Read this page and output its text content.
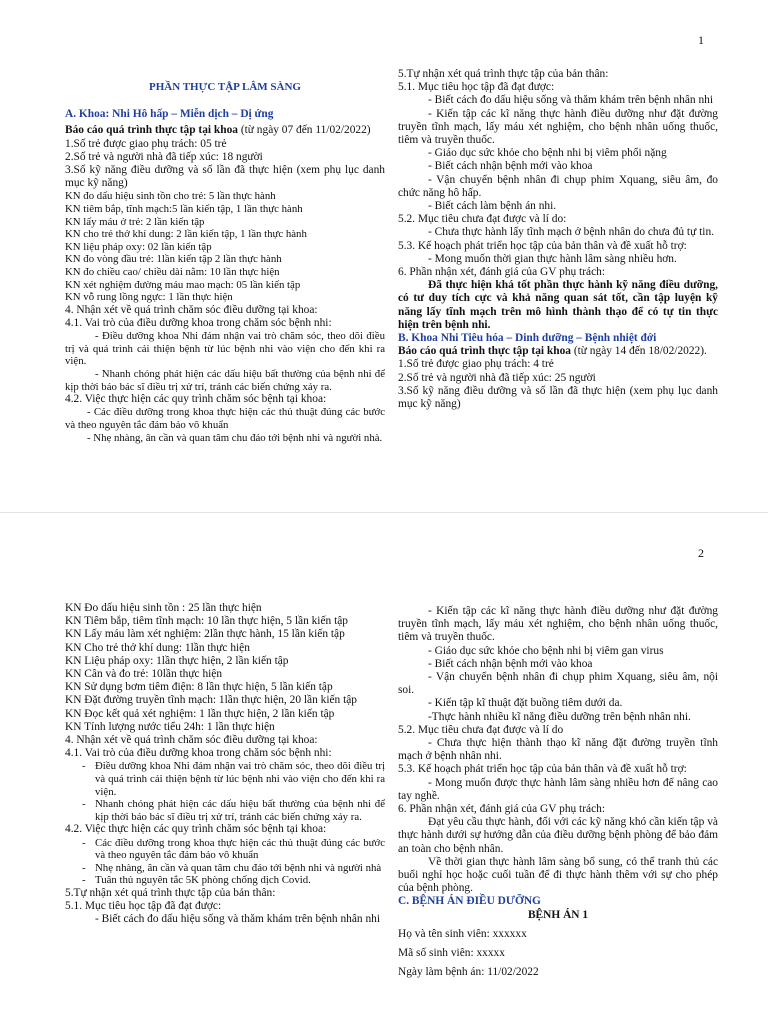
1

PHẦN THỰC TẬP LÂM SÀNG

A. Khoa: Nhi Hô hấp – Miễn dịch – Dị ứng

Báo cáo quá trình thực tập tại khoa (từ ngày 07 đến 11/02/2022)

1.Số trẻ được giao phụ trách: 05 trẻ

2.Số trẻ và người nhà đã tiếp xúc: 18 người

3.Số kỹ năng điều dưỡng và số lần đã thực hiện (xem phụ lục danh mục kỹ năng)

KN đo dấu hiệu sinh tồn cho trẻ: 5 lần thực hành

KN tiêm bắp, tĩnh mạch:5 lần kiến tập, 1 lần thực hành

KN lấy máu ở trẻ: 2 lần kiến tập

KN cho trẻ thở khí dung: 2 lần kiến tập, 1 lần thực hành

KN liệu pháp oxy: 02 lần kiến tập

KN đo vòng đầu trẻ: 1lần kiến tập 2 lần thực hành

KN đo chiều cao/ chiều dài nằm: 10 lần thực hiện

KN xét nghiệm đường máu mao mạch: 05 lần kiến tập

KN vỗ rung lồng ngực: 1 lần thực hiện

4. Nhận xét về quá trình chăm sóc điều dưỡng tại khoa:

4.1. Vai trò của điều dưỡng khoa trong chăm sóc bệnh nhi:

- Điều dưỡng khoa Nhi đảm nhận vai trò chăm sóc, theo dõi điều trị và quá trình cải thiện bệnh từ lúc bệnh nhi vào viện cho đến khi ra viện.

- Nhanh chóng phát hiện các dấu hiệu bất thường của bệnh nhi để kịp thời báo bác sĩ điều trị xử trí, tránh các biến chứng xảy ra.

4.2. Việc thực hiện các quy trình chăm sóc bệnh tại khoa:

- Các điều dưỡng trong khoa thực hiện các thủ thuật đúng các bước và theo nguyên tắc đảm bảo vô khuẩn

- Nhẹ nhàng, ân cần và quan tâm chu đáo tới bệnh nhi và người nhà.

5.Tự nhận xét quá trình thực tập của bản thân:

5.1. Mục tiêu học tập đã đạt được:

- Biết cách đo dấu hiệu sống và thăm khám trên bệnh nhân nhi

- Kiến tập các kĩ năng thực hành điều dưỡng như đặt đường truyền tĩnh mạch, lấy máu xét nghiệm, cho bệnh nhân uống thuốc, tiêm và truyền thuốc.

- Giáo dục sức khỏe cho bệnh nhi bị viêm phổi nặng

- Biết cách nhận bệnh mới vào khoa

- Vận chuyển bệnh nhân đi chụp phim Xquang, siêu âm, đo chức năng hô hấp.

- Biết cách làm bệnh án nhi.

5.2. Mục tiêu chưa đạt được và lí do:

- Chưa thực hành lấy tĩnh mạch ở bệnh nhân do chưa đủ tự tin.

5.3. Kế hoạch phát triển học tập của bản thân và đề xuất hỗ trợ:

- Mong muốn thời gian thực hành lâm sàng nhiều hơn.

6. Phần nhận xét, đánh giá của GV phụ trách:

Đã thực hiện khá tốt phần thực hành kỹ năng điều dưỡng, có tư duy tích cực và khả năng quan sát tốt, cần tập luyện kỹ năng lấy tĩnh mạch trên mô hình thành thạo để có tự tin thực hiện trên bệnh nhi.

B. Khoa Nhi Tiêu hóa – Dinh dưỡng – Bệnh nhiệt đới

Báo cáo quá trình thực tập tại khoa (từ ngày 14 đến 18/02/2022).

1.Số trẻ được giao phụ trách: 4 trẻ

2.Số trẻ và người nhà đã tiếp xúc: 25 người

3.Số kỹ năng điều dưỡng và số lần đã thực hiện (xem phụ lục danh mục kỹ năng)

2

KN Đo dấu hiệu sinh tồn : 25 lần thực hiện

KN Tiêm bắp, tiêm tĩnh mạch: 10 lần thực hiện, 5 lần kiến tập

KN Lấy máu làm xét nghiệm: 2lần thực hành, 15 lần kiến tập

KN Cho trẻ thở khí dung: 1lần thực hiện

KN Liệu pháp oxy: 1lần thực hiện, 2 lần kiến tập

KN Cân và đo trẻ: 10lần thực hiện

KN Sử dụng bơm tiêm điện: 8 lần thực hiện, 5 lần kiến tập

KN Đặt đường truyền tĩnh mạch: 1lần thực hiện, 20 lần kiến tập

KN Đọc kết quả xét nghiệm: 1 lần thực hiện, 2 lần kiến tập

KN Tính lượng nước tiểu 24h: 1 lần thực hiện

4. Nhận xét về quá trình chăm sóc điều dưỡng tại khoa:

4.1. Vai trò của điều dưỡng khoa trong chăm sóc bệnh nhi:

- Điều dưỡng khoa Nhi đảm nhận vai trò chăm sóc, theo dõi điều trị và quá trình cải thiện bệnh từ lúc bệnh nhi vào viện cho đến khi ra viện.
- Nhanh chóng phát hiện các dấu hiệu bất thường của bệnh nhi để kịp thời báo bác sĩ điều trị xử trí, tránh các biến chứng xảy ra.

4.2. Việc thực hiện các quy trình chăm sóc bệnh tại khoa:

- Các điều dưỡng trong khoa thực hiện các thủ thuật đúng các bước và theo nguyên tắc đảm bảo vô khuẩn
- Nhẹ nhàng, ân cần và quan tâm chu đáo tới bệnh nhi và người nhà
- Tuân thủ nguyên tắc 5K phòng chống dịch Covid.

5.Tự nhận xét quá trình thực tập của bản thân:

5.1. Mục tiêu học tập đã đạt được:

- Biết cách đo dấu hiệu sống và thăm khám trên bệnh nhân nhi

- Kiến tập các kĩ năng thực hành điều dưỡng như đặt đường truyền tĩnh mạch, lấy máu xét nghiệm, cho bệnh nhân uống thuốc, tiêm và truyền thuốc.

- Giáo dục sức khỏe cho bệnh nhi bị viêm gan virus

- Biết cách nhận bệnh mới vào khoa

- Vận chuyển bệnh nhân đi chụp phim Xquang, siêu âm, nội soi.

- Kiến tập kĩ thuật đặt buồng tiêm dưới da.

-Thực hành nhiều kĩ năng điều dưỡng trên bệnh nhân nhi.

5.2. Mục tiêu chưa đạt được và lí do

- Chưa thực hiện thành thạo kĩ năng đặt đường truyền tĩnh mạch ở bệnh nhân nhi.

5.3. Kế hoạch phát triển học tập của bản thân và đề xuất hỗ trợ:

- Mong muốn được thực hành lâm sàng nhiều hơn để nâng cao tay nghề.

6. Phần nhận xét, đánh giá của GV phụ trách:

Đạt yêu cầu thực hành, đối với các kỹ năng khó cần kiến tập và thực hành dưới sự hướng dẫn của điều dưỡng bệnh phòng để bảo đảm an toàn cho bệnh nhân.

Về thời gian thực hành lâm sàng bổ sung, có thể tranh thủ các buổi nghỉ học hoặc cuối tuần để đi thực hành thêm với sự cho phép của bệnh phòng.

C. BỆNH ÁN ĐIỀU DƯỠNG

BỆNH ÁN 1

Họ và tên sinh viên: xxxxxx

Mã số sinh viên: xxxxx

Ngày làm bệnh án: 11/02/2022
